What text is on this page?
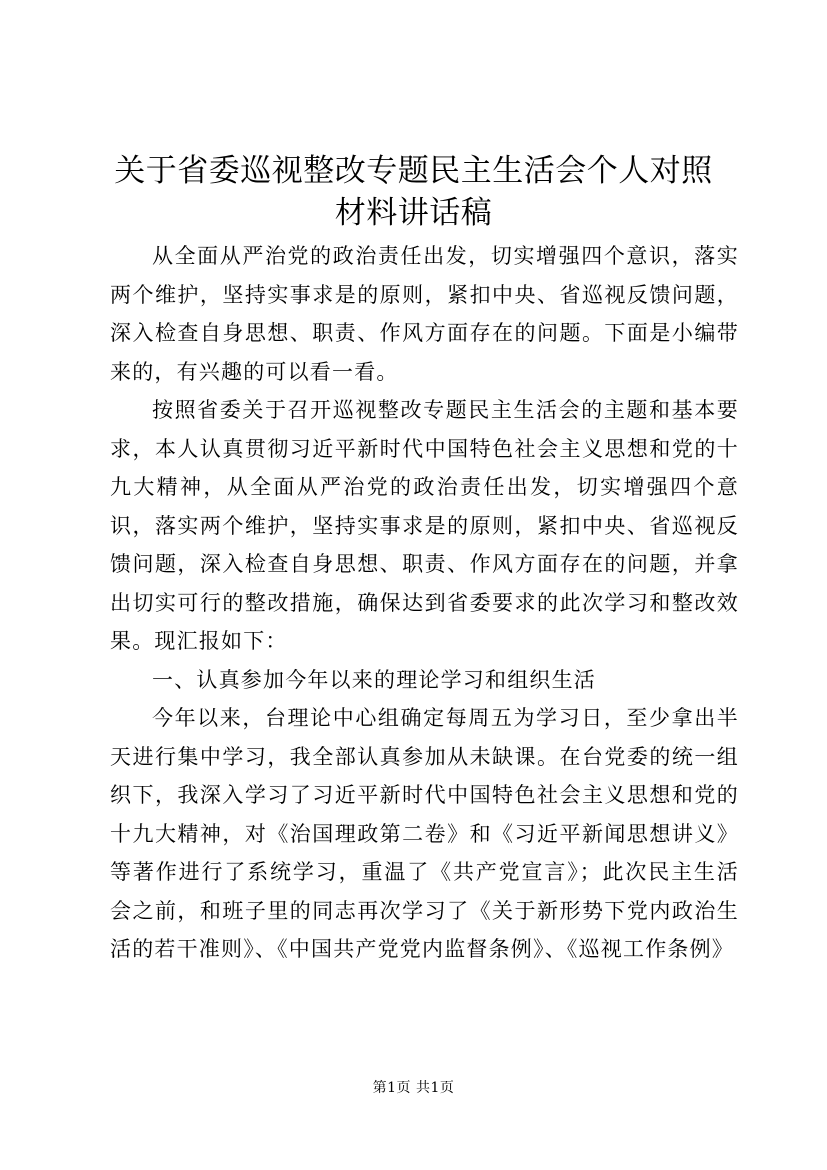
关于省委巡视整改专题民主生活会个人对照材料讲话稿

从全面从严治党的政治责任出发，切实增强四个意识，落实两个维护，坚持实事求是的原则，紧扣中央、省巡视反馈问题，深入检查自身思想、职责、作风方面存在的问题。下面是小编带来的，有兴趣的可以看一看。

按照省委关于召开巡视整改专题民主生活会的主题和基本要求，本人认真贯彻习近平新时代中国特色社会主义思想和党的十九大精神，从全面从严治党的政治责任出发，切实增强四个意识，落实两个维护，坚持实事求是的原则，紧扣中央、省巡视反馈问题，深入检查自身思想、职责、作风方面存在的问题，并拿出切实可行的整改措施，确保达到省委要求的此次学习和整改效果。现汇报如下：

一、认真参加今年以来的理论学习和组织生活

今年以来，台理论中心组确定每周五为学习日，至少拿出半天进行集中学习，我全部认真参加从未缺课。在台党委的统一组织下，我深入学习了习近平新时代中国特色社会主义思想和党的十九大精神，对《治国理政第二卷》和《习近平新闻思想讲义》等著作进行了系统学习，重温了《共产党宣言》；此次民主生活会之前，和班子里的同志再次学习了《关于新形势下党内政治生活的若干准则》、《中国共产党党内监督条例》、《巡视工作条例》

第1页 共1页
